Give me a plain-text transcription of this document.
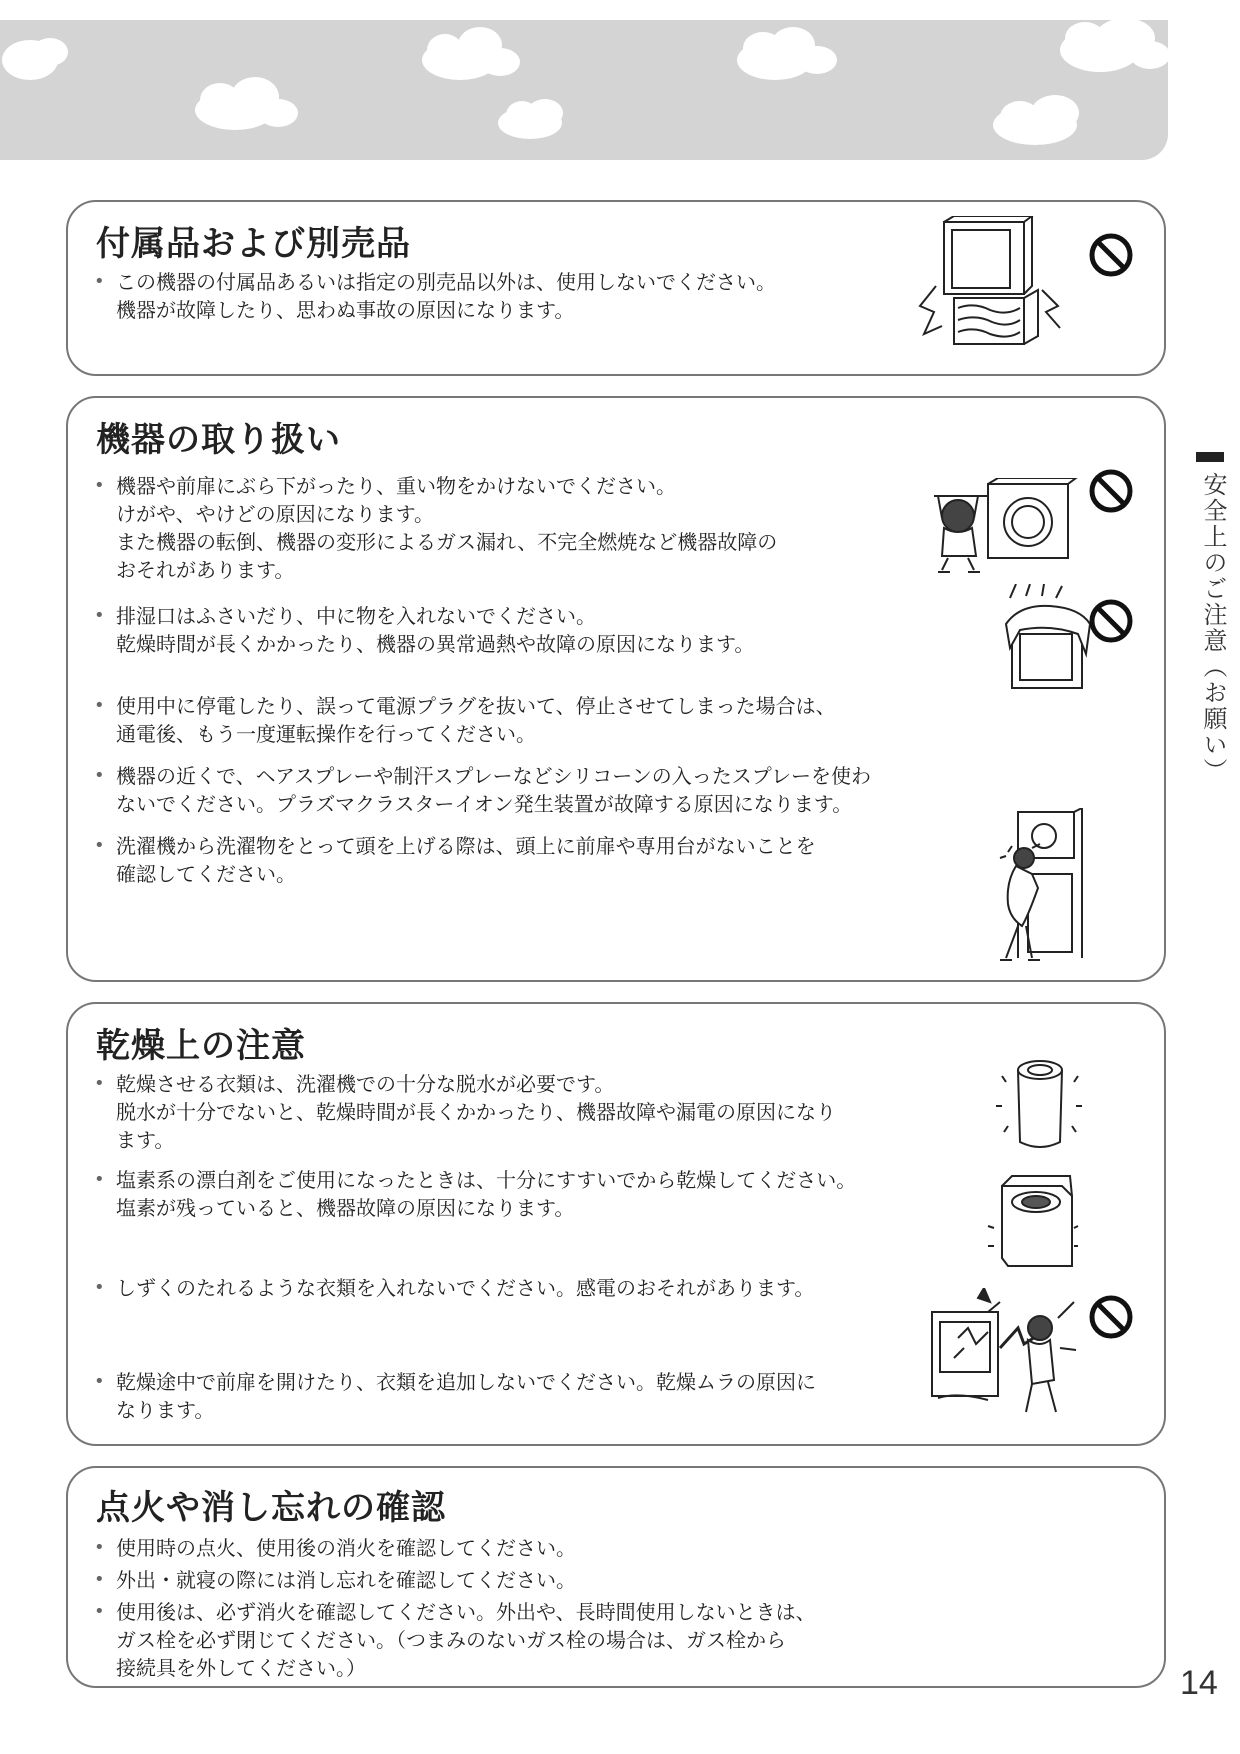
付属品および別売品
• この機器の付属品あるいは指定の別売品以外は、使用しないでください。
機器が故障したり、思わぬ事故の原因になります。
機器の取り扱い
• 機器や前扉にぶら下がったり、重い物をかけないでください。
けがや、やけどの原因になります。
また機器の転倒、機器の変形によるガス漏れ、不完全燃焼など機器故障の
おそれがあります。
• 排湿口はふさいだり、中に物を入れないでください。
乾燥時間が長くかかったり、機器の異常過熱や故障の原因になります。
• 使用中に停電したり、誤って電源プラグを抜いて、停止させてしまった場合は、
通電後、もう一度運転操作を行ってください。
• 機器の近くで、ヘアスプレーや制汗スプレーなどシリコーンの入ったスプレーを使わ
ないでください。プラズマクラスターイオン発生装置が故障する原因になります。
• 洗濯機から洗濯物をとって頭を上げる際は、頭上に前扉や専用台がないことを
確認してください。
乾燥上の注意
• 乾燥させる衣類は、洗濯機での十分な脱水が必要です。
脱水が十分でないと、乾燥時間が長くかかったり、機器故障や漏電の原因になり
ます。
• 塩素系の漂白剤をご使用になったときは、十分にすすいでから乾燥してください。
塩素が残っていると、機器故障の原因になります。
• しずくのたれるような衣類を入れないでください。感電のおそれがあります。
• 乾燥途中で前扉を開けたり、衣類を追加しないでください。乾燥ムラの原因に
なります。
点火や消し忘れの確認
• 使用時の点火、使用後の消火を確認してください。
• 外出・就寝の際には消し忘れを確認してください。
• 使用後は、必ず消火を確認してください。外出や、長時間使用しないときは、
ガス栓を必ず閉じてください。（つまみのないガス栓の場合は、ガス栓から
接続具を外してください。）
安全上のご注意（お願い）
14
